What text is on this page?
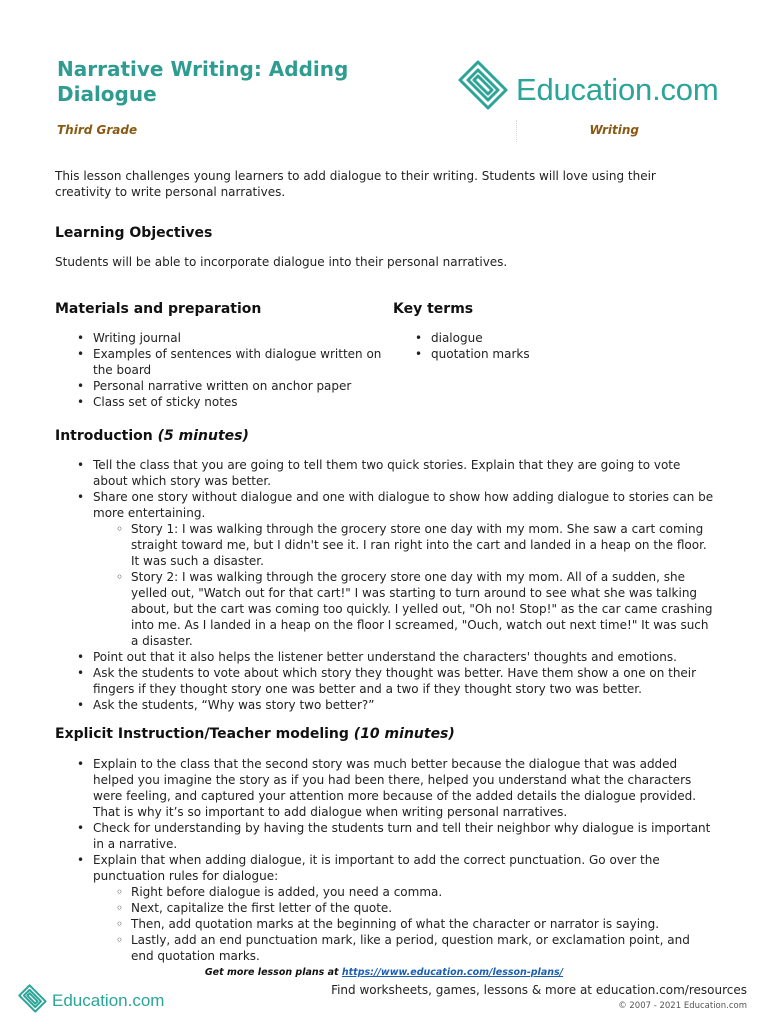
Narrative Writing: Adding Dialogue	Education.com
Third Grade	Writing

This lesson challenges young learners to add dialogue to their writing. Students will love using their creativity to write personal narratives.

Learning Objectives

Students will be able to incorporate dialogue into their personal narratives.

Materials and preparation
• Writing journal
• Examples of sentences with dialogue written on the board
• Personal narrative written on anchor paper
• Class set of sticky notes
Key terms
• dialogue
• quotation marks
Introduction (5 minutes)
• Tell the class that you are going to tell them two quick stories. Explain that they are going to vote about which story was better.
• Share one story without dialogue and one with dialogue to show how adding dialogue to stories can be more entertaining.
◦ Story 1: I was walking through the grocery store one day with my mom. She saw a cart coming straight toward me, but I didn't see it. I ran right into the cart and landed in a heap on the floor. It was such a disaster.
◦ Story 2: I was walking through the grocery store one day with my mom. All of a sudden, she yelled out, "Watch out for that cart!" I was starting to turn around to see what she was talking about, but the cart was coming too quickly. I yelled out, "Oh no! Stop!" as the car came crashing into me. As I landed in a heap on the floor I screamed, "Ouch, watch out next time!" It was such a disaster.
• Point out that it also helps the listener better understand the characters' thoughts and emotions.
• Ask the students to vote about which story they thought was better. Have them show a one on their fingers if they thought story one was better and a two if they thought story two was better.
• Ask the students, “Why was story two better?”
Explicit Instruction/Teacher modeling (10 minutes)
• Explain to the class that the second story was much better because the dialogue that was added helped you imagine the story as if you had been there, helped you understand what the characters were feeling, and captured your attention more because of the added details the dialogue provided. That is why it’s so important to add dialogue when writing personal narratives.
• Check for understanding by having the students turn and tell their neighbor why dialogue is important in a narrative.
• Explain that when adding dialogue, it is important to add the correct punctuation. Go over the punctuation rules for dialogue:
◦ Right before dialogue is added, you need a comma.
◦ Next, capitalize the first letter of the quote.
◦ Then, add quotation marks at the beginning of what the character or narrator is saying.
◦ Lastly, add an end punctuation mark, like a period, question mark, or exclamation point, and end quotation marks.
Get more lesson plans at https://www.education.com/lesson-plans/
Education.com
Find worksheets, games, lessons & more at education.com/resources
© 2007 - 2021 Education.com
